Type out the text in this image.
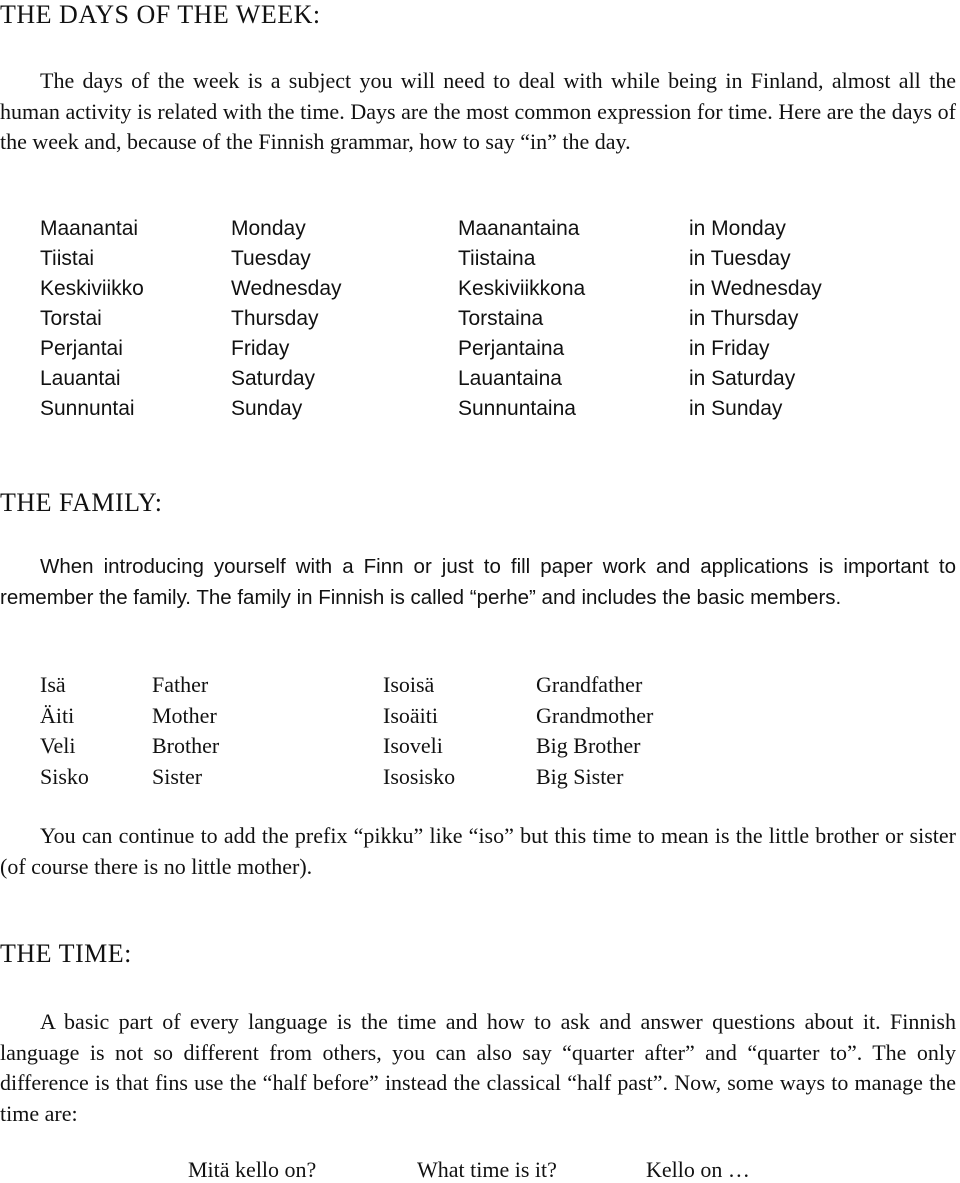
THE DAYS OF THE WEEK:

The days of the week is a subject you will need to deal with while being in Finland, almost all the human activity is related with the time. Days are the most common expression for time. Here are the days of the week and, because of the Finnish grammar, how to say “in” the day.

Maanantai	Monday	Maanantaina	in Monday
Tiistai	Tuesday	Tiistaina	in Tuesday
Keskiviikko	Wednesday	Keskiviikkona	in Wednesday
Torstai	Thursday	Torstaina	in Thursday
Perjantai	Friday	Perjantaina	in Friday
Lauantai	Saturday	Lauantaina	in Saturday
Sunnuntai	Sunday	Sunnuntaina	in Sunday
THE FAMILY:

When introducing yourself with a Finn or just to fill paper work and applications is important to remember the family. The family in Finnish is called “perhe” and includes the basic members.

Isä	Father	Isoisä	Grandfather
Äiti	Mother	Isoäiti	Grandmother
Veli	Brother	Isoveli	Big Brother
Sisko	Sister	Isosisko	Big Sister

You can continue to add the prefix “pikku” like “iso” but this time to mean is the little brother or sister (of course there is no little mother).

THE TIME:

A basic part of every language is the time and how to ask and answer questions about it. Finnish language is not so different from others, you can also say “quarter after” and “quarter to”. The only difference is that fins use the “half before” instead the classical “half past”. Now, some ways to manage the time are:

Mitä kello on?	What time is it?	Kello on …
